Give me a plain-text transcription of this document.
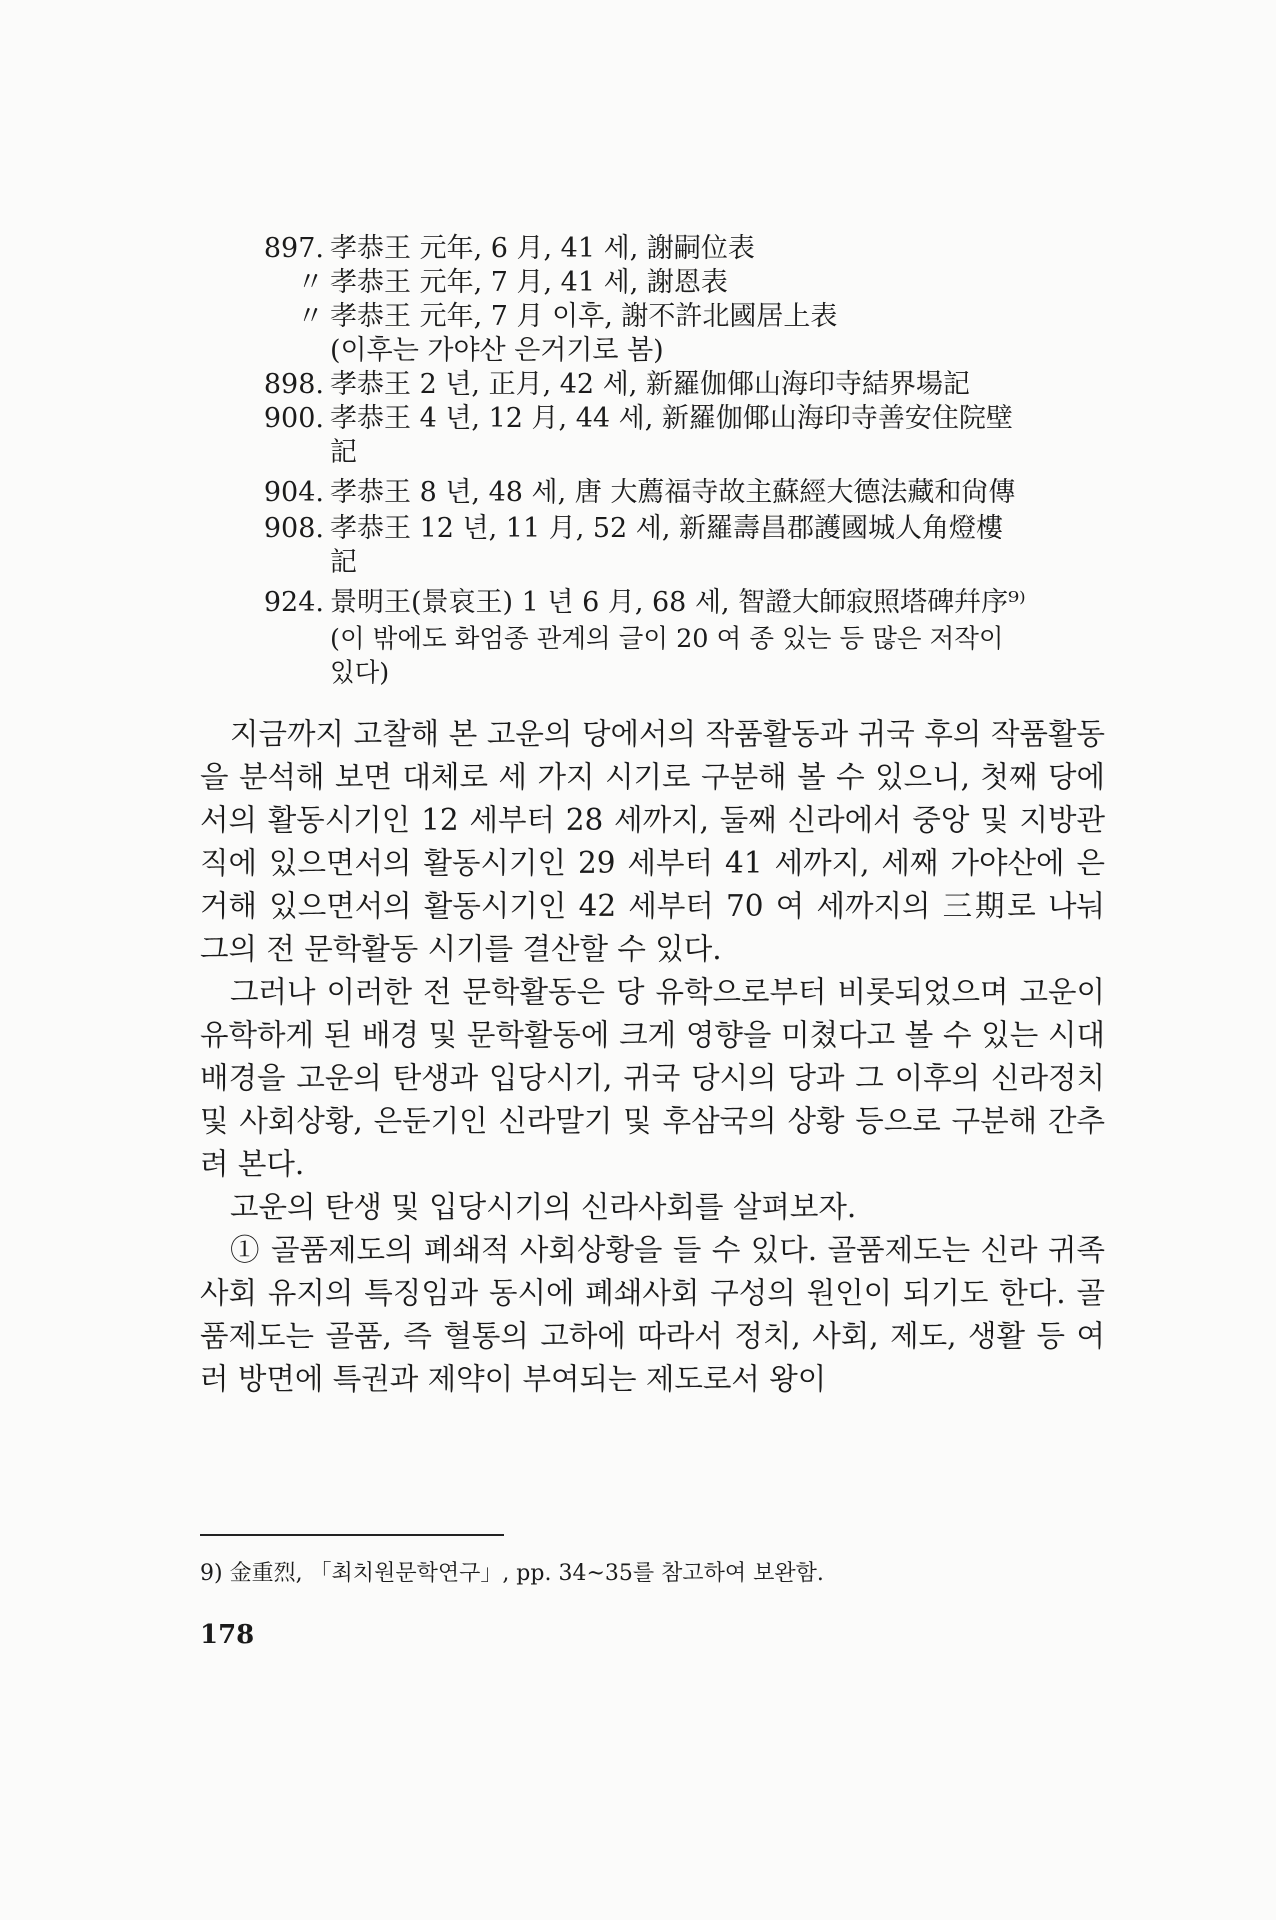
897. 孝恭王 元年, 6 月, 41 세, 謝嗣位表
〃 孝恭王 元年, 7 月, 41 세, 謝恩表
〃 孝恭王 元年, 7 月 이후, 謝不許北國居上表
(이후는 가야산 은거기로 봄)
898. 孝恭王 2 년, 正月, 42 세, 新羅伽倻山海印寺結界場記
900. 孝恭王 4 년, 12 月, 44 세, 新羅伽倻山海印寺善安住院壁
記
904. 孝恭王 8 년, 48 세, 唐 大薦福寺故主蘇經大德法藏和尙傳
908. 孝恭王 12 년, 11 月, 52 세, 新羅壽昌郡護國城人角燈樓
記
924. 景明王(景哀王) 1 년 6 月, 68 세, 智證大師寂照塔碑幷序⁹⁾
(이 밖에도 화엄종 관계의 글이 20 여 종 있는 등 많은 저작이
있다)

지금까지 고찰해 본 고운의 당에서의 작품활동과 귀국 후의 작품활동을 분석해 보면 대체로 세 가지 시기로 구분해 볼 수 있으니, 첫째 당에서의 활동시기인 12 세부터 28 세까지, 둘째 신라에서 중앙 및 지방관직에 있으면서의 활동시기인 29 세부터 41 세까지, 세째 가야산에 은거해 있으면서의 활동시기인 42 세부터 70 여 세까지의 三期로 나눠 그의 전 문학활동 시기를 결산할 수 있다.

그러나 이러한 전 문학활동은 당 유학으로부터 비롯되었으며 고운이 유학하게 된 배경 및 문학활동에 크게 영향을 미쳤다고 볼 수 있는 시대배경을 고운의 탄생과 입당시기, 귀국 당시의 당과 그 이후의 신라정치 및 사회상황, 은둔기인 신라말기 및 후삼국의 상황 등으로 구분해 간추려 본다.

고운의 탄생 및 입당시기의 신라사회를 살펴보자.

① 골품제도의 폐쇄적 사회상황을 들 수 있다. 골품제도는 신라 귀족사회 유지의 특징임과 동시에 폐쇄사회 구성의 원인이 되기도 한다. 골품제도는 골품, 즉 혈통의 고하에 따라서 정치, 사회, 제도, 생활 등 여러 방면에 특권과 제약이 부여되는 제도로서 왕이

9) 金重烈, 「최치원문학연구」, pp. 34~35를 참고하여 보완함.
178
